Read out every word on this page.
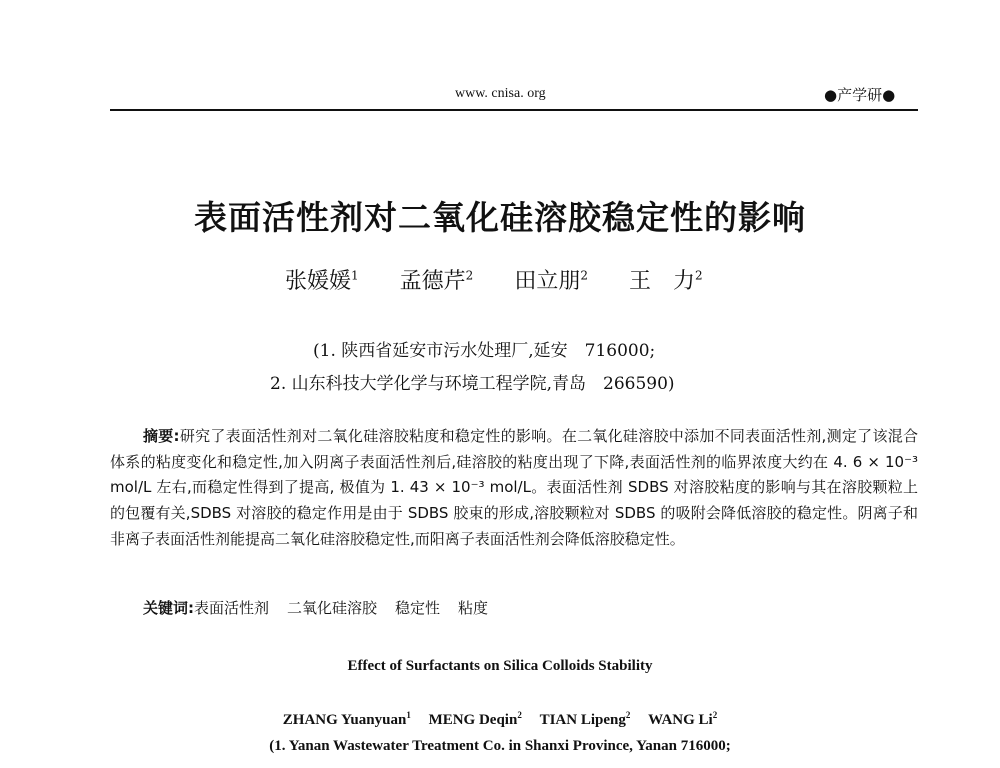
www. cnisa. org	●产学研●
表面活性剂对二氧化硅溶胶稳定性的影响
张媛媛$^1$ 孟德芹$^2$ 田立朋$^2$ 王　力$^2$
(1. 陕西省延安市污水处理厂,延安　716000;
2. 山东科技大学化学与环境工程学院,青岛　266590)

摘要:研究了表面活性剂对二氧化硅溶胶粘度和稳定性的影响。在二氧化硅溶胶中添加不同表面活性剂,测定了该混合体系的粘度变化和稳定性,加入阴离子表面活性剂后,硅溶胶的粘度出现了下降,表面活性剂的临界浓度大约在 4. 6 × 10⁻³ mol/L 左右,而稳定性得到了提高, 极值为 1. 43 × 10⁻³ mol/L。表面活性剂 SDBS 对溶胶粘度的影响与其在溶胶颗粒上的包覆有关,SDBS 对溶胶的稳定作用是由于 SDBS 胶束的形成,溶胶颗粒对 SDBS 的吸附会降低溶胶的稳定性。阴离子和非离子表面活性剂能提高二氧化硅溶胶稳定性,而阳离子表面活性剂会降低溶胶稳定性。

关键词:表面活性剂 二氧化硅溶胶 稳定性 粘度
Effect of Surfactants on Silica Colloids Stability
ZHANG Yuanyuan$^1$ MENG Deqin$^2$ TIAN Lipeng$^2$ WANG Li$^2$
(1. Yanan Wastewater Treatment Co. in Shanxi Province, Yanan 716000;
